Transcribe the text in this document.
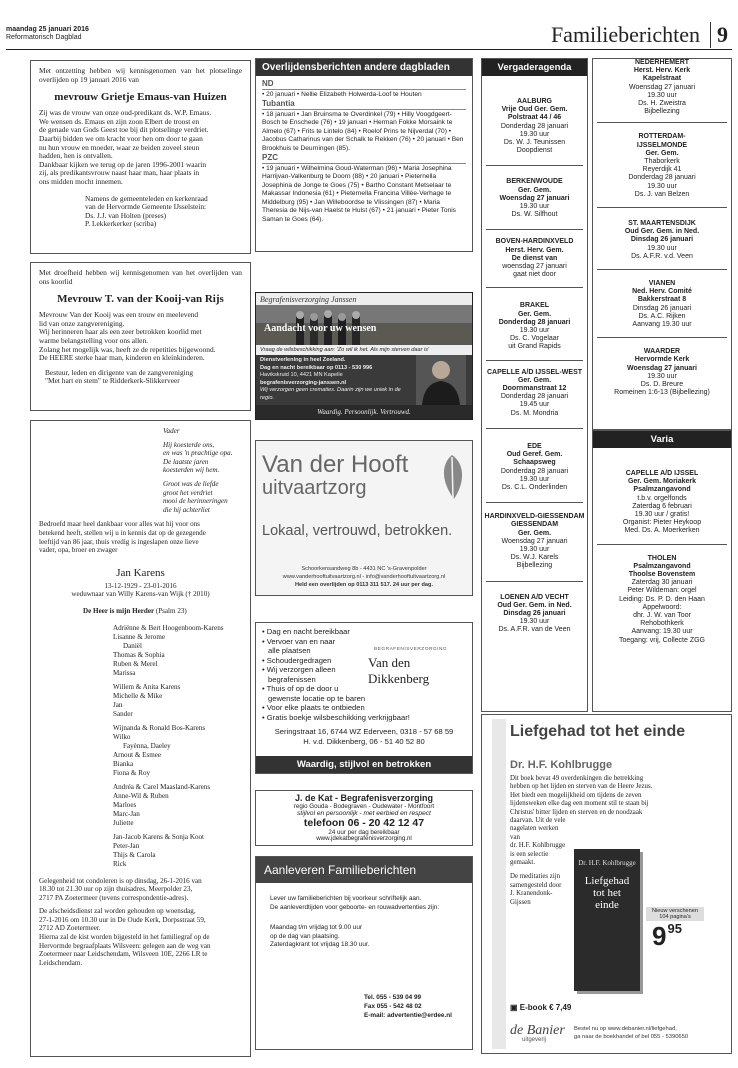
maandag 25 januari 2016
Reformatorisch Dagblad	Familieberichten 9

Met ontzetting hebben wij kennisgenomen van het plotselinge overlijden op 19 januari 2016 van

mevrouw Grietje Emaus-van Huizen

Zij was de vrouw van onze oud-predikant ds. W.P. Emaus.

We wensen ds. Emaus en zijn zoon Elbert de troost en

de genade van Gods Geest toe bij dit plotselinge verdriet.

Daarbij bidden we om kracht voor hen om door te gaan

nu hun vrouw en moeder, waar ze beiden zoveel steun

hadden, hen is ontvallen.

Dankbaar kijken we terug op de jaren 1996-2001 waarin

zij, als predikantsvrouw naast haar man, haar plaats in

ons midden mocht innemen.

Namens de gemeenteleden en kerkenraad

van de Hervormde Gemeente IJsselstein:

Ds. J.J. van Holten (preses)

P. Lekkerkerker (scriba)

Met droefheid hebben wij kennisgenomen van het overlijden van ons koorlid

Mevrouw T. van der Kooij-van Rijs

Mevrouw Van der Kooij was een trouw en meelevend

lid van onze zangvereniging.

Wij herinneren haar als een zeer betrokken koorlid met

warme belangstelling voor ons allen.

Zolang het mogelijk was, heeft ze de repetities bijgewoond.

De HEERE sterke haar man, kinderen en kleinkinderen.

Bestuur, leden en dirigente van de zangvereniging

"Met hart en stem" te Ridderkerk-Slikkerveer

Vader

Hij koesterde ons,

en was 'n prachtige opa.

De laatste jaren

koesterden wij hem.

Groot was de liefde

groot het verdriet

mooi de herinneringen

die hij achterliet

Bedroefd maar heel dankbaar voor alles wat hij voor ons

betekend heeft, stellen wij u in kennis dat op de gezegende

leeftijd van 86 jaar, thuis vredig is ingeslapen onze lieve

vader, opa, broer en zwager

Jan Karens

13-12-1929 - 23-01-2016

weduwnaar van Willy Karens-van Wijk († 2010)

De Heer is mijn Herder (Psalm 23)

Adriënne & Bert Hoogenboom-Karens

Lisanne & Jerome

Daniël

Thomas & Sophia

Ruben & Merel

Marissa

Willem & Anita Karens

Michelle & Mike

Jan

Sander

Wijnanda & Ronald Bos-Karens

Wilko

Fayènna, Daeley

Arnout & Esmee

Bianka

Fiona & Roy

Andréa & Carel Maasland-Karens

Anne-Wil & Ruben

Marloes

Marc-Jan

Juliette

Jan-Jacob Karens & Sonja Koot

Peter-Jan

Thijs & Carola

Rick

Gelegenheid tot condoleren is op dinsdag, 26-1-2016 van

18.30 tot 21.30 uur op zijn thuisadres, Meerpolder 23,

2717 PA Zoetermeer (tevens correspondentie-adres).

De afscheidsdienst zal worden gehouden op woensdag,

27-1-2016 om 10.30 uur in De Oude Kerk, Dorpsstraat 59,

2712 AD Zoetermeer.

Hierna zal de kist worden bijgesteld in het familiegraf op de

Hervormde begraafplaats Wilsveen: gelegen aan de weg van

Zoetermeer naar Leidschendam, Wilsveen 10E, 2266 LR te

Leidschendam.

Overlijdensberichten andere dagbladen
ND
• 20 januari • Nellie Elizabeth Holwerda-Loof te Houten
Tubantia
• 18 januari • Jan Bruinsma te Overdinkel (79) • Hilly Voogdgeert-Bosch te Enschede (76) • 19 januari • Herman Fokke Morsaink te Almelo (67) • Frits te Lintelo (84) • Roelof Prins te Nijverdal (70) • Jacobus Catharinus van der Schalk te Rekken (76) • 20 januari • Ben Brookhuis te Deurningen (85).
PZC
• 19 januari • Wilhelmina Goud-Waterman (96) • Maria Josephina Harrijvan-Valkenburg te Doorn (88) • 20 januari • Pieternella Josephina de Jonge te Goes (75) • Bartho Constant Metselaar te Makassar Indonesia (61) • Pieternella Francina Villée-Verhage te Middelburg (95) • Jan Willeboordse te Vlissingen (87) • Maria Theresia de Nijs-van Haelst te Hulst (67) • 21 januari • Pieter Tonis Saman te Goes (64).
Begrafenisverzorging Janssen
Aandacht voor uw wensen
Vraag de wilsbeschikking aan: 'Zo wil ik het. Als mijn sterven daar is'
Dienstverlening in heel Zeeland.
Dag en nacht bereikbaar op 0113 - 530 996
Havikskruid 10, 4421 MN Kapelle
begrafenisverzorging-janssen.nl
Wij verzorgen geen crematies. Daarin zijn we uniek in de regio.
Waardig. Persoonlijk. Vertrouwd.
Van der Hooft
uitvaartzorg
Lokaal, vertrouwd, betrokken.
Schoorkensandweg 8b - 4431 NC 's-Gravenpolder
www.vanderhooftuitvaartzorg.nl - info@vanderhooftuitvaartzorg.nl
Held een overlijden op 0113 311 517. 24 uur per dag.
• Dag en nacht bereikbaar
• Vervoer van en naar
alle plaatsen
• Schoudergedragen
• Wij verzorgen alleen
begrafenissen
• Thuis of op de door u
gewenste locatie op te baren
• Voor elke plaats te ontbieden
• Gratis boekje wilsbeschikking verkrijgbaar!
BEGRAFENISVERZORGING
Van den Dikkenberg
Seringstraat 16, 6744 WZ Ederveen, 0318 - 57 68 59
H. v.d. Dikkenberg, 06 - 51 40 52 80
Waardig, stijlvol en betrokken
J. de Kat - Begrafenisverzorging
regio Gouda - Bodegraven - Oudewater - Montfoort
stijlvol en persoonlijk - met eerbied en respect
telefoon 06 - 20 42 12 47
24 uur per dag bereikbaar
www.jdekatbegrafenisverzorging.nl
Aanleveren Familieberichten
Lever uw familieberichten bij voorkeur schriftelijk aan.
De aanleverdtijden voor geboorte- en rouwadvertenties zijn:
Maandag t/m vrijdag tot 9.00 uur
op de dag van plaatsing.
Zaterdagkrant tot vrijdag 18.30 uur.
Tel. 055 - 539 04 99
Fax 055 - 542 48 02
E-mail: advertentie@erdee.nl
Vergaderagenda
AALBURG
Vrije Oud Ger. Gem.
Polstraat 44 / 46
Donderdag 28 januari
19.30 uur
Ds. W. J. Teunissen
Doopdienst
BERKENWOUDE
Ger. Gem.
Woensdag 27 januari
19.30 uur
Ds. W. Silfhout
BOVEN-HARDINXVELD
Herst. Herv. Gem.
De dienst van
woensdag 27 januari
gaat niet door
BRAKEL
Ger. Gem.
Donderdag 28 januari
19.30 uur
Ds. C. Vogelaar
uit Grand Rapids
CAPELLE A/D IJSSEL-WEST
Ger. Gem.
Doornmanstraat 12
Donderdag 28 januari
19.45 uur
Ds. M. Mondria
EDE
Oud Geref. Gem.
Schaapsweg
Donderdag 28 januari
19.30 uur
Ds. C.L. Onderlinden
HARDINXVELD-GIESSENDAM
GIESSENDAM
Ger. Gem.
Woensdag 27 januari
19.30 uur
Ds. W.J. Karels
Bijbellezing
LOENEN A/D VECHT
Oud Ger. Gem. in Ned.
Dinsdag 26 januari
19.30 uur
Ds. A.F.R. van de Veen
NEDERHEMERT
Herst. Herv. Kerk
Kapelstraat
Woensdag 27 januari
19.30 uur
Ds. H. Zweistra
Bijbellezing
ROTTERDAM-
IJSSELMONDE
Ger. Gem.
Thaborkerk
Reyerdijk 41
Donderdag 28 januari
19.30 uur
Ds. J. van Belzen
ST. MAARTENSDIJK
Oud Ger. Gem. in Ned.
Dinsdag 26 januari
19.30 uur
Ds. A.F.R. v.d. Veen
VIANEN
Ned. Herv. Comité
Bakkerstraat 8
Dinsdag 26 januari
Ds. A.C. Rijken
Aanvang 19.30 uur
WAARDER
Hervormde Kerk
Woensdag 27 januari
19.30 uur
Ds. D. Breure
Romeinen 1:6-13 (Bijbellezing)
Varia
CAPELLE A/D IJSSEL
Ger. Gem. Moriakerk
Psalmzangavond
t.b.v. orgelfonds
Zaterdag 6 februari
19.30 uur / gratis!
Organist: Pieter Heykoop
Med. Ds. A. Moerkerken
THOLEN
Psalmzangavond
Thoolse Bovenstem
Zaterdag 30 januari
Peter Wildeman: orgel
Leiding: Ds. P. D. den Haan
Appelwoord:
dhr. J. W. van Toor
Rehobothkerk
Aanvang: 19.30 uur
Toegang: vrij, Collecte ZGG
Liefgehad tot het einde
Dr. H.F. Kohlbrugge
Dit boek bevat 49 overdenkingen die betrekking
hebben op het lijden en sterven van de Heere Jezus.
Het biedt een mogelijkheid om tijdens de zeven
lijdensweken elke dag een moment stil te staan bij
Christus' bitter lijden en sterven en de noodzaak
daarvan. Uit de vele
nagelaten werken
van
dr. H.F. Kohlbrugge
is een selectie
gemaakt.
De meditaties zijn
samengesteld door
J. Kranendonk-
Gijssen
Dr. H.F. Kohlbrugge
Liefgehad tot het einde	Nieuw verschenen 104 pagina's
$9^{95}$
▣ E-book € 7,49
de Banier
uitgeverij
Bestel nu op www.debanier.nl/liefgehad,
ga naar de boekhandel of bel 055 - 5390650
